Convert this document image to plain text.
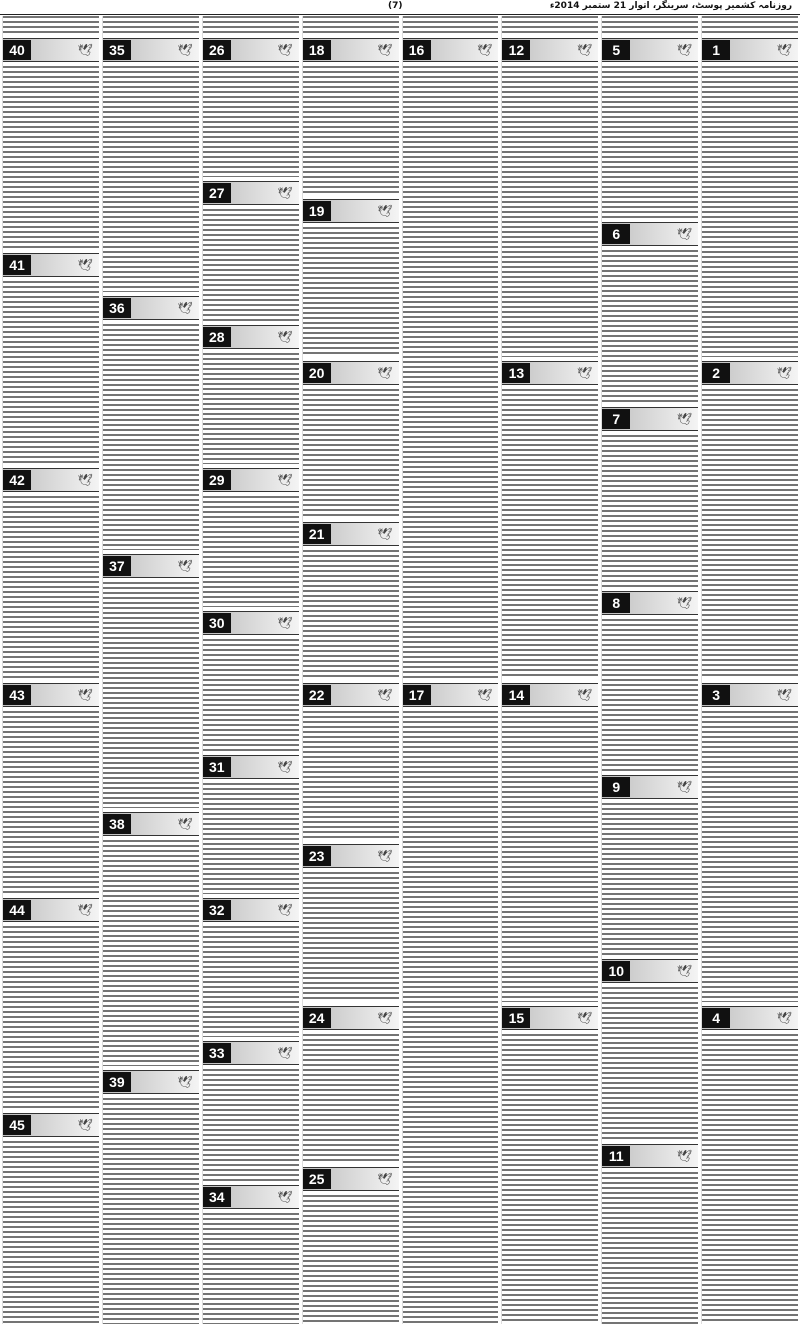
(7)	روزنامہ کشمیر پوسٹ، سرینگر، اتوار 21 ستمبر 2014ء
1	🕊
2	🕊
3	🕊
4	🕊
5	🕊
6	🕊
7	🕊
8	🕊
9	🕊
10	🕊
11	🕊
12	🕊
13	🕊
14	🕊
15	🕊
16	🕊
17	🕊
18	🕊
19	🕊
20	🕊
21	🕊
22	🕊
23	🕊
24	🕊
25	🕊
26	🕊
27	🕊
28	🕊
29	🕊
30	🕊
31	🕊
32	🕊
33	🕊
34	🕊
35	🕊
36	🕊
37	🕊
38	🕊
39	🕊
40	🕊
41	🕊
42	🕊
43	🕊
44	🕊
45	🕊
